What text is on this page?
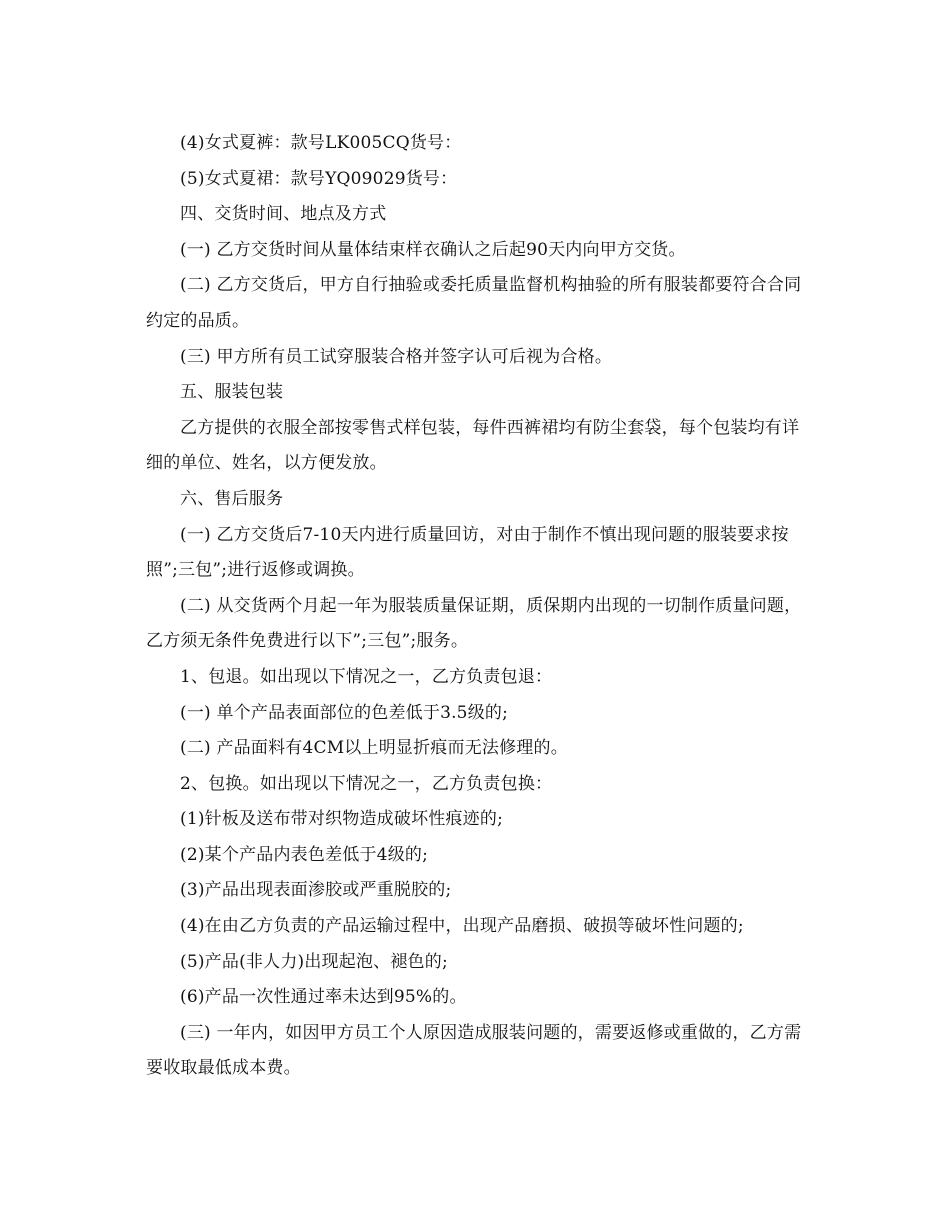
(4)女式夏裤：款号LK005CQ货号：

(5)女式夏裙：款号YQ09029货号：

四、交货时间、地点及方式

(一) 乙方交货时间从量体结束样衣确认之后起90天内向甲方交货。

(二) 乙方交货后，甲方自行抽验或委托质量监督机构抽验的所有服装都要符合合同约定的品质。

(三) 甲方所有员工试穿服装合格并签字认可后视为合格。

五、服装包装

乙方提供的衣服全部按零售式样包装，每件西裤裙均有防尘套袋，每个包装均有详细的单位、姓名，以方便发放。

六、售后服务

(一) 乙方交货后7-10天内进行质量回访，对由于制作不慎出现问题的服装要求按照”;三包”;进行返修或调换。

(二) 从交货两个月起一年为服装质量保证期，质保期内出现的一切制作质量问题，乙方须无条件免费进行以下”;三包”;服务。

1、包退。如出现以下情况之一，乙方负责包退：

(一) 单个产品表面部位的色差低于3.5级的;

(二) 产品面料有4CM以上明显折痕而无法修理的。

2、包换。如出现以下情况之一，乙方负责包换：

(1)针板及送布带对织物造成破坏性痕迹的;

(2)某个产品内表色差低于4级的;

(3)产品出现表面渗胶或严重脱胶的;

(4)在由乙方负责的产品运输过程中，出现产品磨损、破损等破坏性问题的;

(5)产品(非人力)出现起泡、褪色的;

(6)产品一次性通过率未达到95%的。

(三) 一年内，如因甲方员工个人原因造成服装问题的，需要返修或重做的，乙方需要收取最低成本费。
